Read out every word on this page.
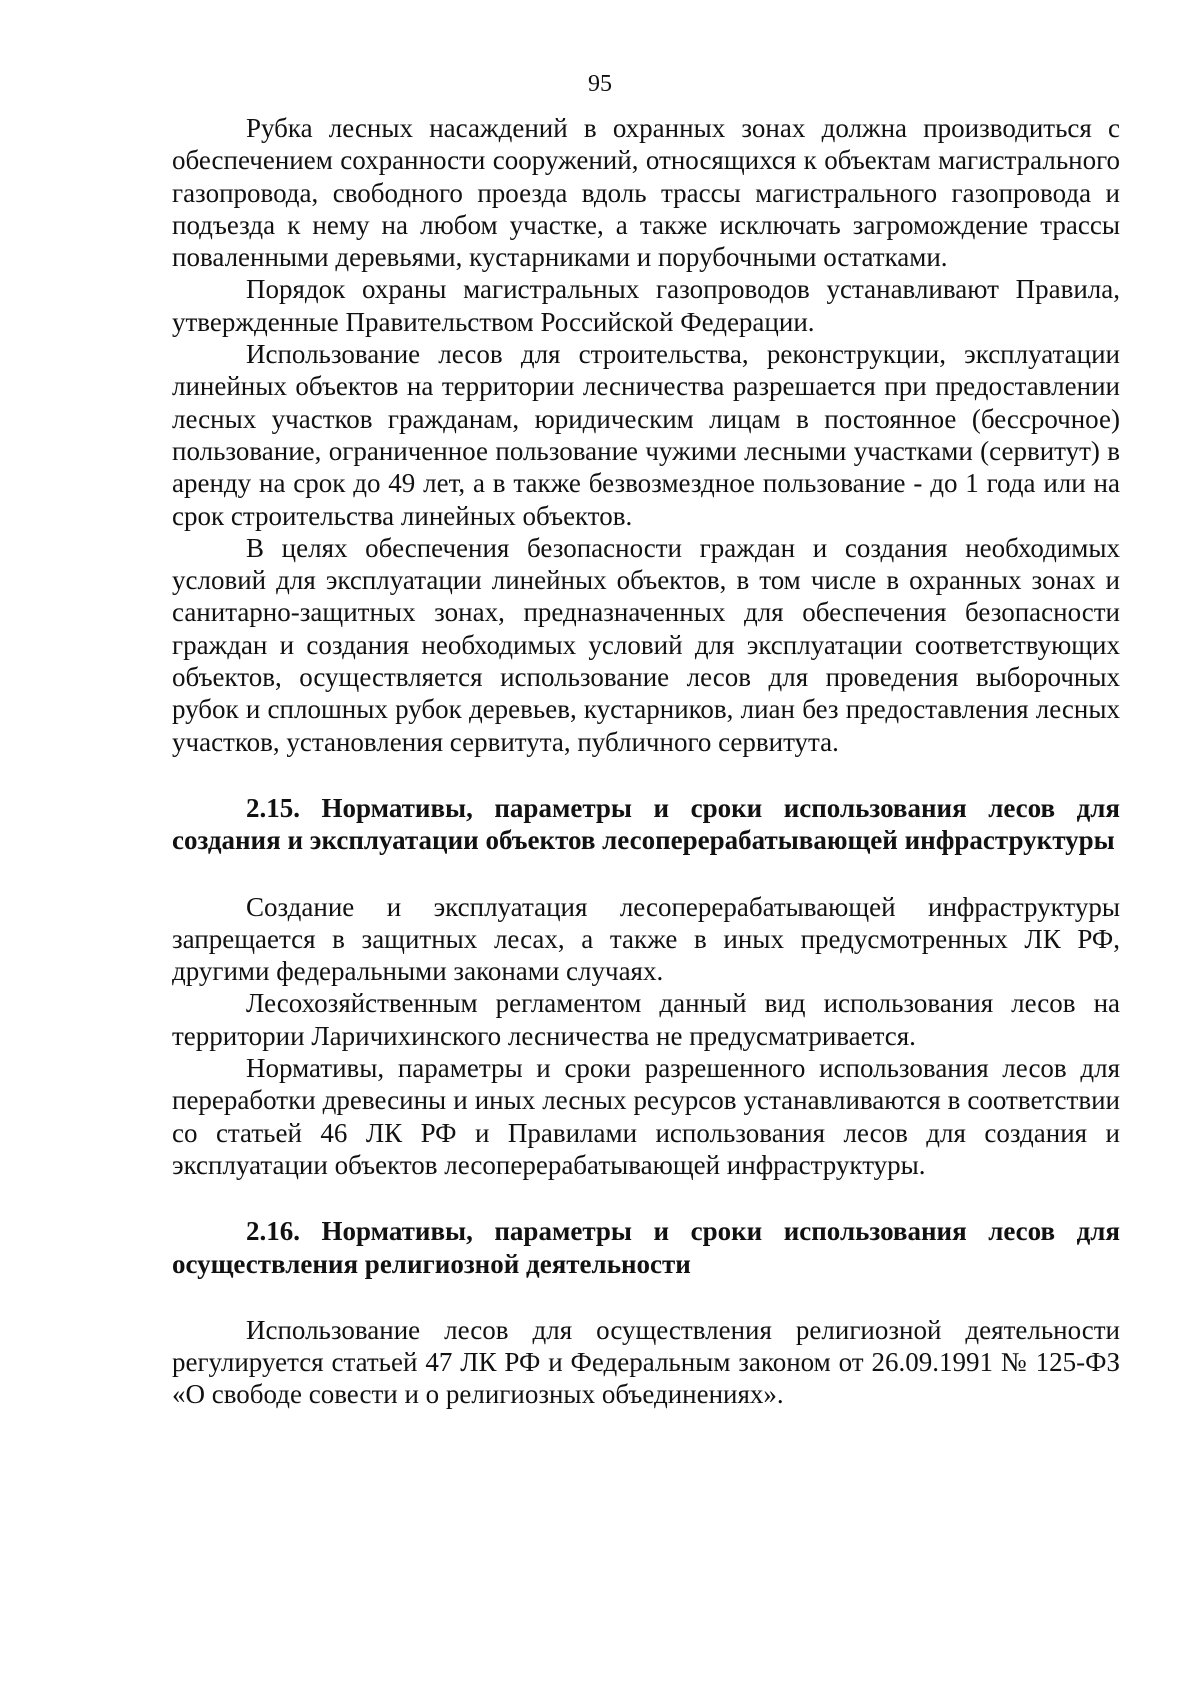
95

Рубка лесных насаждений в охранных зонах должна производиться с обеспечением сохранности сооружений, относящихся к объектам магистрального газопровода, свободного проезда вдоль трассы магистрального газопровода и подъезда к нему на любом участке, а также исключать загромождение трассы поваленными деревьями, кустарниками и порубочными остатками.

Порядок охраны магистральных газопроводов устанавливают Правила, утвержденные Правительством Российской Федерации.

Использование лесов для строительства, реконструкции, эксплуатации линейных объектов на территории лесничества разрешается при предоставлении лесных участков гражданам, юридическим лицам в постоянное (бессрочное) пользование, ограниченное пользование чужими лесными участками (сервитут) в аренду на срок до 49 лет, а в также безвозмездное пользование - до 1 года или на срок строительства линейных объектов.

В целях обеспечения безопасности граждан и создания необходимых условий для эксплуатации линейных объектов, в том числе в охранных зонах и санитарно-защитных зонах, предназначенных для обеспечения безопасности граждан и создания необходимых условий для эксплуатации соответствующих объектов, осуществляется использование лесов для проведения выборочных рубок и сплошных рубок деревьев, кустарников, лиан без предоставления лесных участков, установления сервитута, публичного сервитута.

2.15. Нормативы, параметры и сроки использования лесов для создания и эксплуатации объектов лесоперерабатывающей инфраструктуры

Создание и эксплуатация лесоперерабатывающей инфраструктуры запрещается в защитных лесах, а также в иных предусмотренных ЛК РФ, другими федеральными законами случаях.

Лесохозяйственным регламентом данный вид использования лесов на территории Ларичихинского лесничества не предусматривается.

Нормативы, параметры и сроки разрешенного использования лесов для переработки древесины и иных лесных ресурсов устанавливаются в соответствии со статьей 46 ЛК РФ и Правилами использования лесов для создания и эксплуатации объектов лесоперерабатывающей инфраструктуры.

2.16. Нормативы, параметры и сроки использования лесов для осуществления религиозной деятельности

Использование лесов для осуществления религиозной деятельности регулируется статьей 47 ЛК РФ и Федеральным законом от 26.09.1991 № 125-ФЗ «О свободе совести и о религиозных объединениях».
